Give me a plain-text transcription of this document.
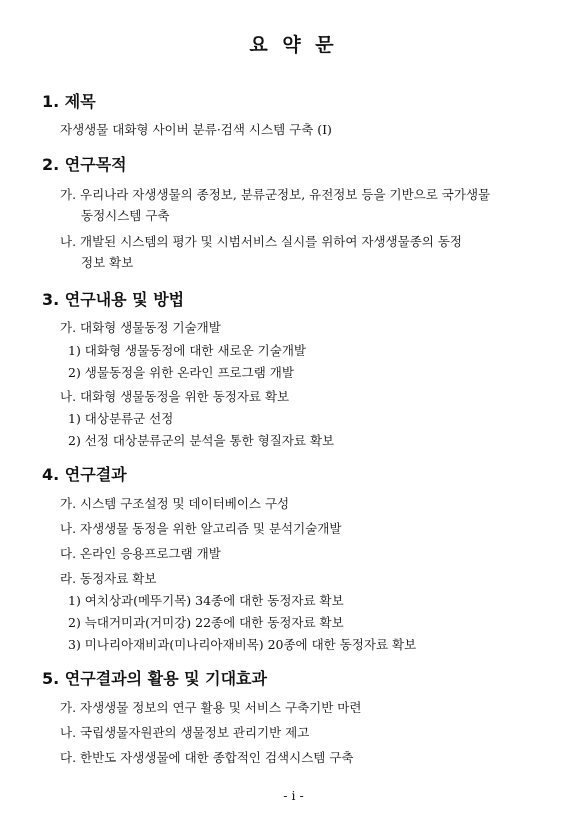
요 약 문
1. 제목
자생생물 대화형 사이버 분류·검색 시스템 구축 (I)
2. 연구목적
가. 우리나라 자생생물의 종정보, 분류군정보, 유전정보 등을 기반으로 국가생물
동정시스템 구축
나. 개발된 시스템의 평가 및 시범서비스 실시를 위하여 자생생물종의 동정
정보 확보
3. 연구내용 및 방법
가. 대화형 생물동정 기술개발
1) 대화형 생물동정에 대한 새로운 기술개발
2) 생물동정을 위한 온라인 프로그램 개발
나. 대화형 생물동정을 위한 동정자료 확보
1) 대상분류군 선정
2) 선정 대상분류군의 분석을 통한 형질자료 확보
4. 연구결과
가. 시스템 구조설정 및 데이터베이스 구성
나. 자생생물 동정을 위한 알고리즘 및 분석기술개발
다. 온라인 응용프로그램 개발
라. 동정자료 확보
1) 여치상과(메뚜기목) 34종에 대한 동정자료 확보
2) 늑대거미과(거미강) 22종에 대한 동정자료 확보
3) 미나리아재비과(미나리아재비목) 20종에 대한 동정자료 확보
5. 연구결과의 활용 및 기대효과
가. 자생생물 정보의 연구 활용 및 서비스 구축기반 마련
나. 국립생물자원관의 생물정보 관리기반 제고
다. 한반도 자생생물에 대한 종합적인 검색시스템 구축
- i -
